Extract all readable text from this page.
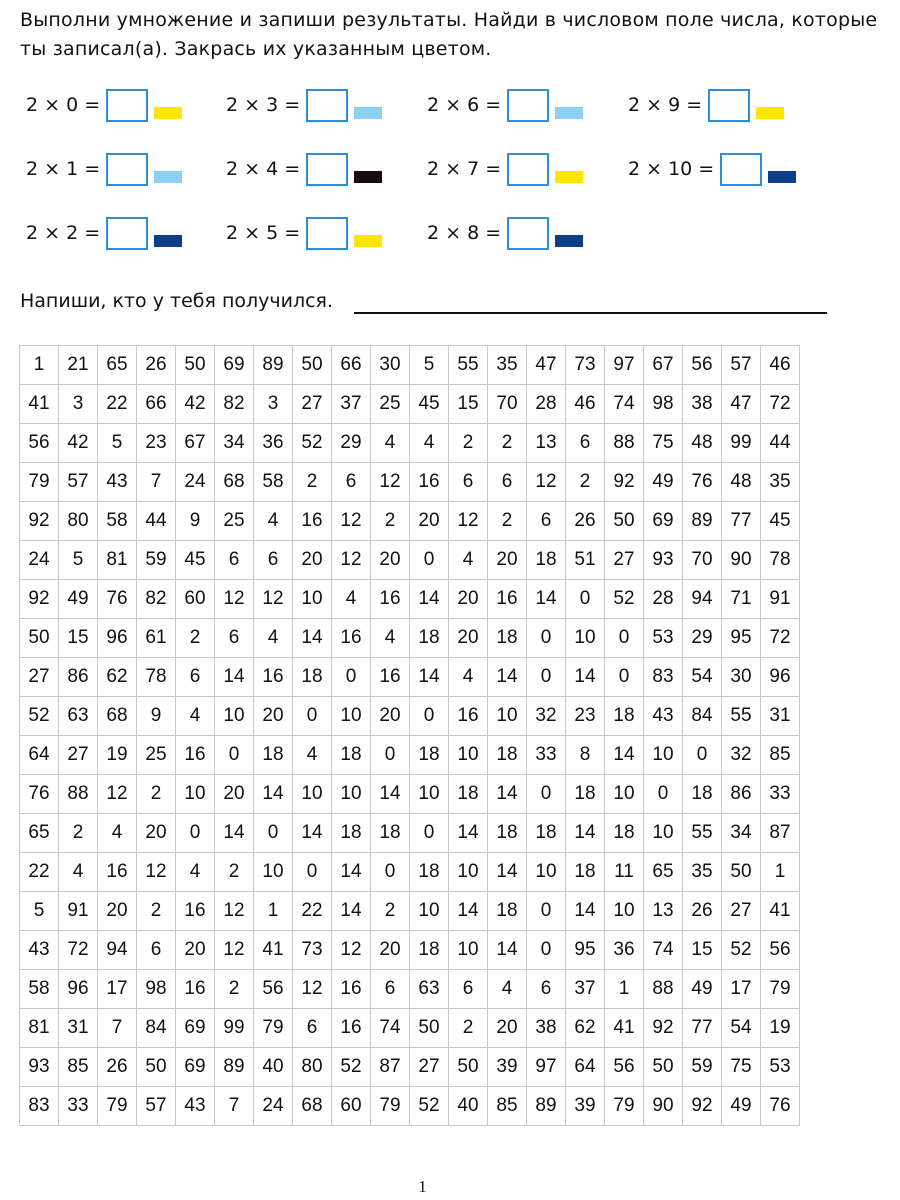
Выполни умножение и запиши результаты. Найди в числовом поле числа, которые ты записал(а). Закрась их указанным цветом.
2 × 0 =
2 × 1 =
2 × 2 =
2 × 3 =
2 × 4 =
2 × 5 =
2 × 6 =
2 × 7 =
2 × 8 =
2 × 9 =
2 × 10 =
Напиши, кто у тебя получился.
1	21	65	26	50	69	89	50	66	30	5	55	35	47	73	97	67	56	57	46
41	3	22	66	42	82	3	27	37	25	45	15	70	28	46	74	98	38	47	72
56	42	5	23	67	34	36	52	29	4	4	2	2	13	6	88	75	48	99	44
79	57	43	7	24	68	58	2	6	12	16	6	6	12	2	92	49	76	48	35
92	80	58	44	9	25	4	16	12	2	20	12	2	6	26	50	69	89	77	45
24	5	81	59	45	6	6	20	12	20	0	4	20	18	51	27	93	70	90	78
92	49	76	82	60	12	12	10	4	16	14	20	16	14	0	52	28	94	71	91
50	15	96	61	2	6	4	14	16	4	18	20	18	0	10	0	53	29	95	72
27	86	62	78	6	14	16	18	0	16	14	4	14	0	14	0	83	54	30	96
52	63	68	9	4	10	20	0	10	20	0	16	10	32	23	18	43	84	55	31
64	27	19	25	16	0	18	4	18	0	18	10	18	33	8	14	10	0	32	85
76	88	12	2	10	20	14	10	10	14	10	18	14	0	18	10	0	18	86	33
65	2	4	20	0	14	0	14	18	18	0	14	18	18	14	18	10	55	34	87
22	4	16	12	4	2	10	0	14	0	18	10	14	10	18	11	65	35	50	1
5	91	20	2	16	12	1	22	14	2	10	14	18	0	14	10	13	26	27	41
43	72	94	6	20	12	41	73	12	20	18	10	14	0	95	36	74	15	52	56
58	96	17	98	16	2	56	12	16	6	63	6	4	6	37	1	88	49	17	79
81	31	7	84	69	99	79	6	16	74	50	2	20	38	62	41	92	77	54	19
93	85	26	50	69	89	40	80	52	87	27	50	39	97	64	56	50	59	75	53
83	33	79	57	43	7	24	68	60	79	52	40	85	89	39	79	90	92	49	76
1
